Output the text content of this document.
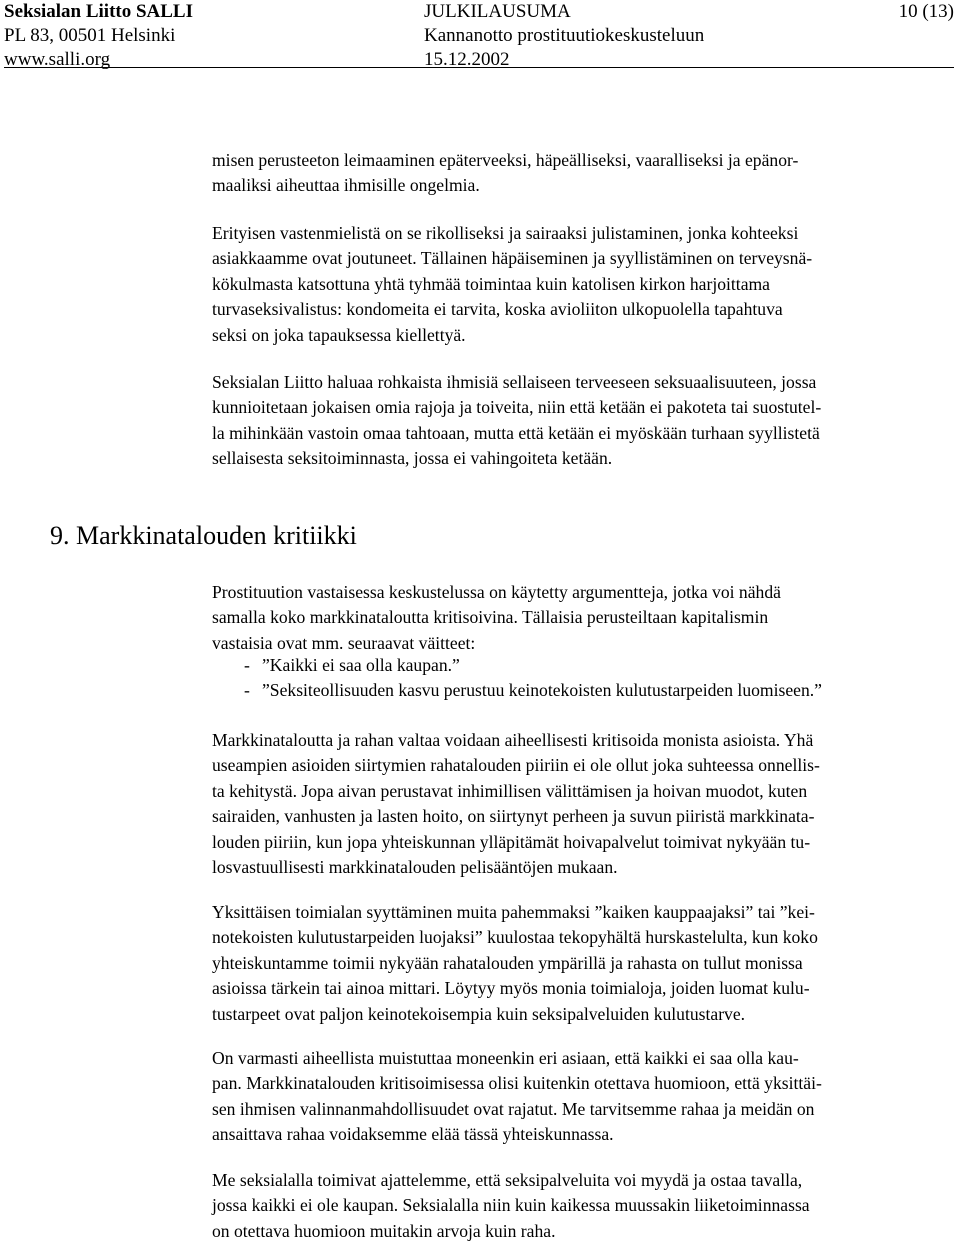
Seksialan Liitto SALLI
PL 83, 00501 Helsinki
www.salli.org
JULKILAUSUMA
Kannanotto prostituutiokeskusteluun
15.12.2002
10 (13)
misen perusteeton leimaaminen epäterveeksi, häpeälliseksi, vaaralliseksi ja epänor-
maaliksi aiheuttaa ihmisille ongelmia.
Erityisen vastenmielistä on se rikolliseksi ja sairaaksi julistaminen, jonka kohteeksi
asiakkaamme ovat joutuneet. Tällainen häpäiseminen ja syyllistäminen on terveysnä-
kökulmasta katsottuna yhtä tyhmää toimintaa kuin katolisen kirkon harjoittama
turvaseksivalistus: kondomeita ei tarvita, koska avioliiton ulkopuolella tapahtuva
seksi on joka tapauksessa kiellettyä.
Seksialan Liitto haluaa rohkaista ihmisiä sellaiseen terveeseen seksuaalisuuteen, jossa
kunnioitetaan jokaisen omia rajoja ja toiveita, niin että ketään ei pakoteta tai suostutel-
la mihinkään vastoin omaa tahtoaan, mutta että ketään ei myöskään turhaan syyllistetä
sellaisesta seksitoiminnasta, jossa ei vahingoiteta ketään.
9. Markkinatalouden kritiikki
Prostituution vastaisessa keskustelussa on käytetty argumentteja, jotka voi nähdä
samalla koko markkinataloutta kritisoivina. Tällaisia perusteiltaan kapitalismin
vastaisia ovat mm. seuraavat väitteet:
- ”Kaikki ei saa olla kaupan.”
- ”Seksiteollisuuden kasvu perustuu keinotekoisten kulutustarpeiden luomiseen.”
Markkinataloutta ja rahan valtaa voidaan aiheellisesti kritisoida monista asioista. Yhä
useampien asioiden siirtymien rahatalouden piiriin ei ole ollut joka suhteessa onnellis-
ta kehitystä. Jopa aivan perustavat inhimillisen välittämisen ja hoivan muodot, kuten
sairaiden, vanhusten ja lasten hoito, on siirtynyt perheen ja suvun piiristä markkinata-
louden piiriin, kun jopa yhteiskunnan ylläpitämät hoivapalvelut toimivat nykyään tu-
losvastuullisesti markkinatalouden pelisääntöjen mukaan.
Yksittäisen toimialan syyttäminen muita pahemmaksi ”kaiken kauppaajaksi” tai ”kei-
notekoisten kulutustarpeiden luojaksi” kuulostaa tekopyhältä hurskastelulta, kun koko
yhteiskuntamme toimii nykyään rahatalouden ympärillä ja rahasta on tullut monissa
asioissa tärkein tai ainoa mittari. Löytyy myös monia toimialoja, joiden luomat kulu-
tustarpeet ovat paljon keinotekoisempia kuin seksipalveluiden kulutustarve.
On varmasti aiheellista muistuttaa moneenkin eri asiaan, että kaikki ei saa olla kau-
pan. Markkinatalouden kritisoimisessa olisi kuitenkin otettava huomioon, että yksittäi-
sen ihmisen valinnanmahdollisuudet ovat rajatut. Me tarvitsemme rahaa ja meidän on
ansaittava rahaa voidaksemme elää tässä yhteiskunnassa.
Me seksialalla toimivat ajattelemme, että seksipalveluita voi myydä ja ostaa tavalla,
jossa kaikki ei ole kaupan. Seksialalla niin kuin kaikessa muussakin liiketoiminnassa
on otettava huomioon muitakin arvoja kuin raha.
